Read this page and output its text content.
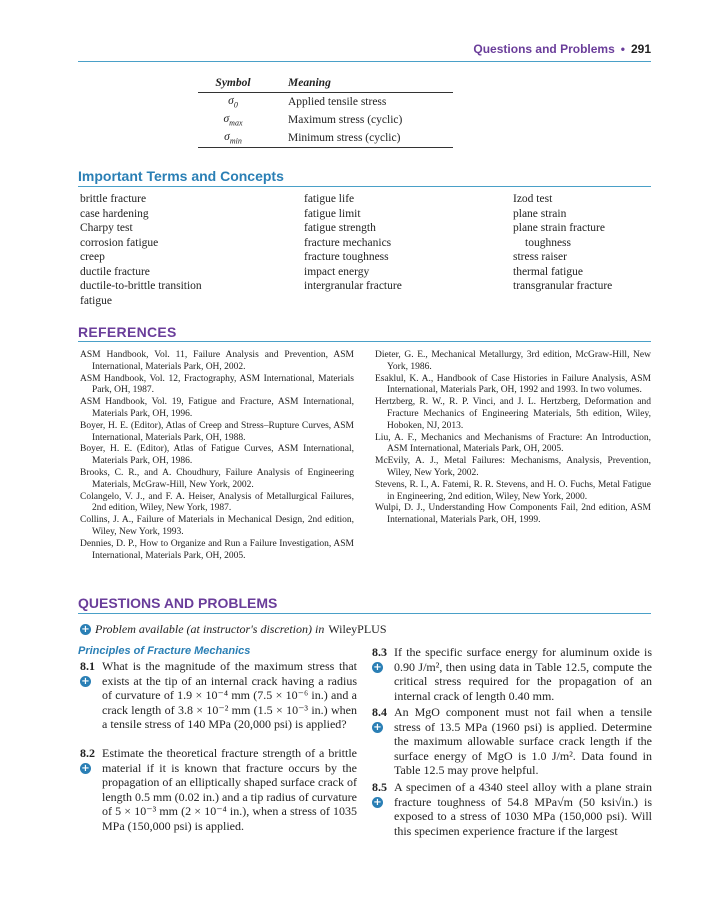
Questions and Problems • 291
Symbol	Meaning
$\sigma_0$	Applied tensile stress
$\sigma_{max}$	Maximum stress (cyclic)
$\sigma_{min}$	Minimum stress (cyclic)
Important Terms and Concepts
brittle fracture
case hardening
Charpy test
corrosion fatigue
creep
ductile fracture
ductile-to-brittle transition
fatigue
fatigue life
fatigue limit
fatigue strength
fracture mechanics
fracture toughness
impact energy
intergranular fracture
Izod test
plane strain
plane strain fracture
toughness
stress raiser
thermal fatigue
transgranular fracture
REFERENCES
ASM Handbook, Vol. 11, Failure Analysis and Prevention, ASM International, Materials Park, OH, 2002.
ASM Handbook, Vol. 12, Fractography, ASM International, Materials Park, OH, 1987.
ASM Handbook, Vol. 19, Fatigue and Fracture, ASM International, Materials Park, OH, 1996.
Boyer, H. E. (Editor), Atlas of Creep and Stress–Rupture Curves, ASM International, Materials Park, OH, 1988.
Boyer, H. E. (Editor), Atlas of Fatigue Curves, ASM International, Materials Park, OH, 1986.
Brooks, C. R., and A. Choudhury, Failure Analysis of Engineering Materials, McGraw-Hill, New York, 2002.
Colangelo, V. J., and F. A. Heiser, Analysis of Metallurgical Failures, 2nd edition, Wiley, New York, 1987.
Collins, J. A., Failure of Materials in Mechanical Design, 2nd edition, Wiley, New York, 1993.
Dennies, D. P., How to Organize and Run a Failure Investigation, ASM International, Materials Park, OH, 2005.
Dieter, G. E., Mechanical Metallurgy, 3rd edition, McGraw-Hill, New York, 1986.
Esaklul, K. A., Handbook of Case Histories in Failure Analysis, ASM International, Materials Park, OH, 1992 and 1993. In two volumes.
Hertzberg, R. W., R. P. Vinci, and J. L. Hertzberg, Deformation and Fracture Mechanics of Engineering Materials, 5th edition, Wiley, Hoboken, NJ, 2013.
Liu, A. F., Mechanics and Mechanisms of Fracture: An Introduction, ASM International, Materials Park, OH, 2005.
McEvily, A. J., Metal Failures: Mechanisms, Analysis, Prevention, Wiley, New York, 2002.
Stevens, R. I., A. Fatemi, R. R. Stevens, and H. O. Fuchs, Metal Fatigue in Engineering, 2nd edition, Wiley, New York, 2000.
Wulpi, D. J., Understanding How Components Fail, 2nd edition, ASM International, Materials Park, OH, 1999.
QUESTIONS AND PROBLEMS
+ Problem available (at instructor's discretion) in WileyPLUS
Principles of Fracture Mechanics
8.1
+
What is the magnitude of the maximum stress that exists at the tip of an internal crack having a radius of curvature of 1.9 × 10⁻⁴ mm (7.5 × 10⁻⁶ in.) and a crack length of 3.8 × 10⁻² mm (1.5 × 10⁻³ in.) when a tensile stress of 140 MPa (20,000 psi) is applied?
8.2
+
Estimate the theoretical fracture strength of a brittle material if it is known that fracture occurs by the propagation of an elliptically shaped surface crack of length 0.5 mm (0.02 in.) and a tip radius of curvature of 5 × 10⁻³ mm (2 × 10⁻⁴ in.), when a stress of 1035 MPa (150,000 psi) is applied.
8.3
+
If the specific surface energy for aluminum oxide is 0.90 J/m², then using data in Table 12.5, compute the critical stress required for the propagation of an internal crack of length 0.40 mm.
8.4
+
An MgO component must not fail when a tensile stress of 13.5 MPa (1960 psi) is applied. Determine the maximum allowable surface crack length if the surface energy of MgO is 1.0 J/m². Data found in Table 12.5 may prove helpful.
8.5
+
A specimen of a 4340 steel alloy with a plane strain fracture toughness of 54.8 MPa√m (50 ksi√in.) is exposed to a stress of 1030 MPa (150,000 psi). Will this specimen experience fracture if the largest
